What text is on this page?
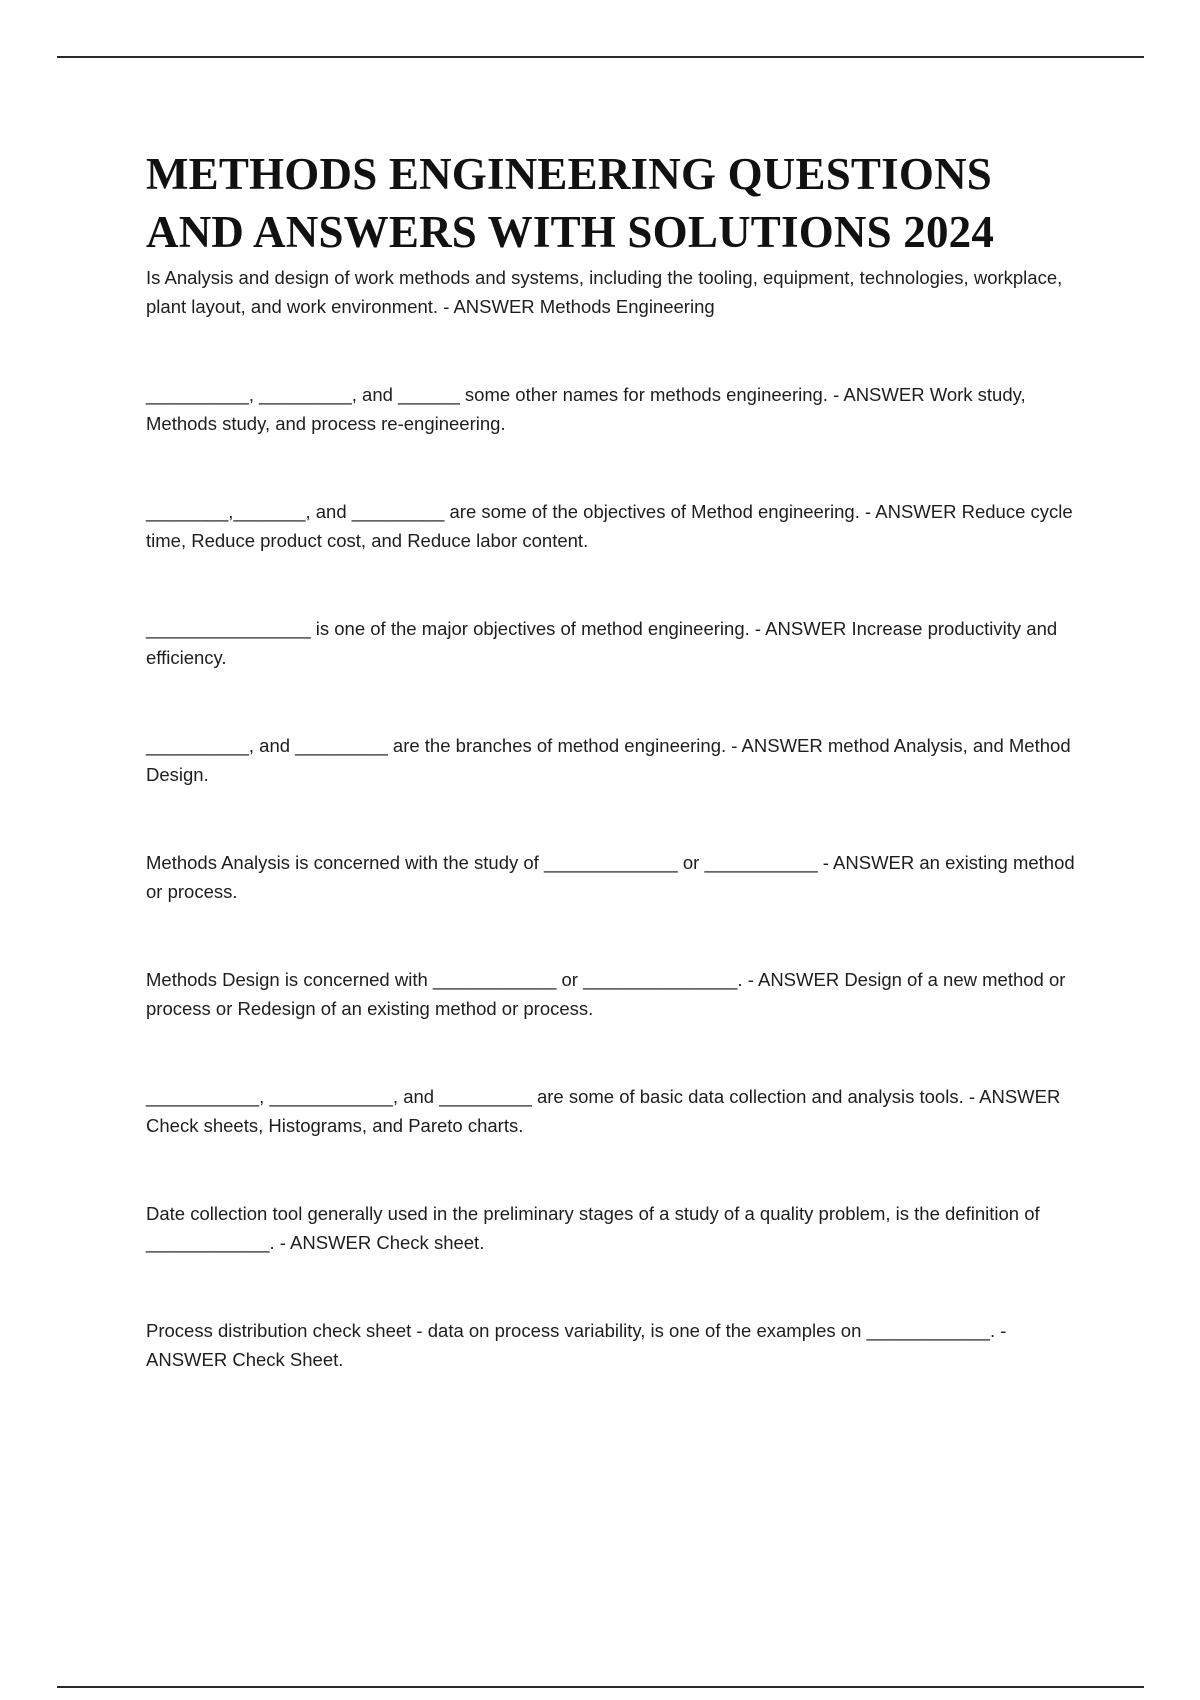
METHODS ENGINEERING QUESTIONS
AND ANSWERS WITH SOLUTIONS 2024

Is Analysis and design of work methods and systems, including the tooling, equipment, technologies, workplace, plant layout, and work environment. - ANSWER Methods Engineering

__________, _________, and ______ some other names for methods engineering. - ANSWER Work study, Methods study, and process re-engineering.

________,_______, and _________ are some of the objectives of Method engineering. - ANSWER Reduce cycle time, Reduce product cost, and Reduce labor content.

________________ is one of the major objectives of method engineering. - ANSWER Increase productivity and efficiency.

__________, and _________ are the branches of method engineering. - ANSWER method Analysis, and Method Design.

Methods Analysis is concerned with the study of _____________ or ___________ - ANSWER an existing method or process.

Methods Design is concerned with ____________ or _______________. - ANSWER Design of a new method or process or Redesign of an existing method or process.

___________, ____________, and _________ are some of basic data collection and analysis tools. - ANSWER Check sheets, Histograms, and Pareto charts.

Date collection tool generally used in the preliminary stages of a study of a quality problem, is the definition of ____________. - ANSWER Check sheet.

Process distribution check sheet - data on process variability, is one of the examples on ____________. - ANSWER Check Sheet.
